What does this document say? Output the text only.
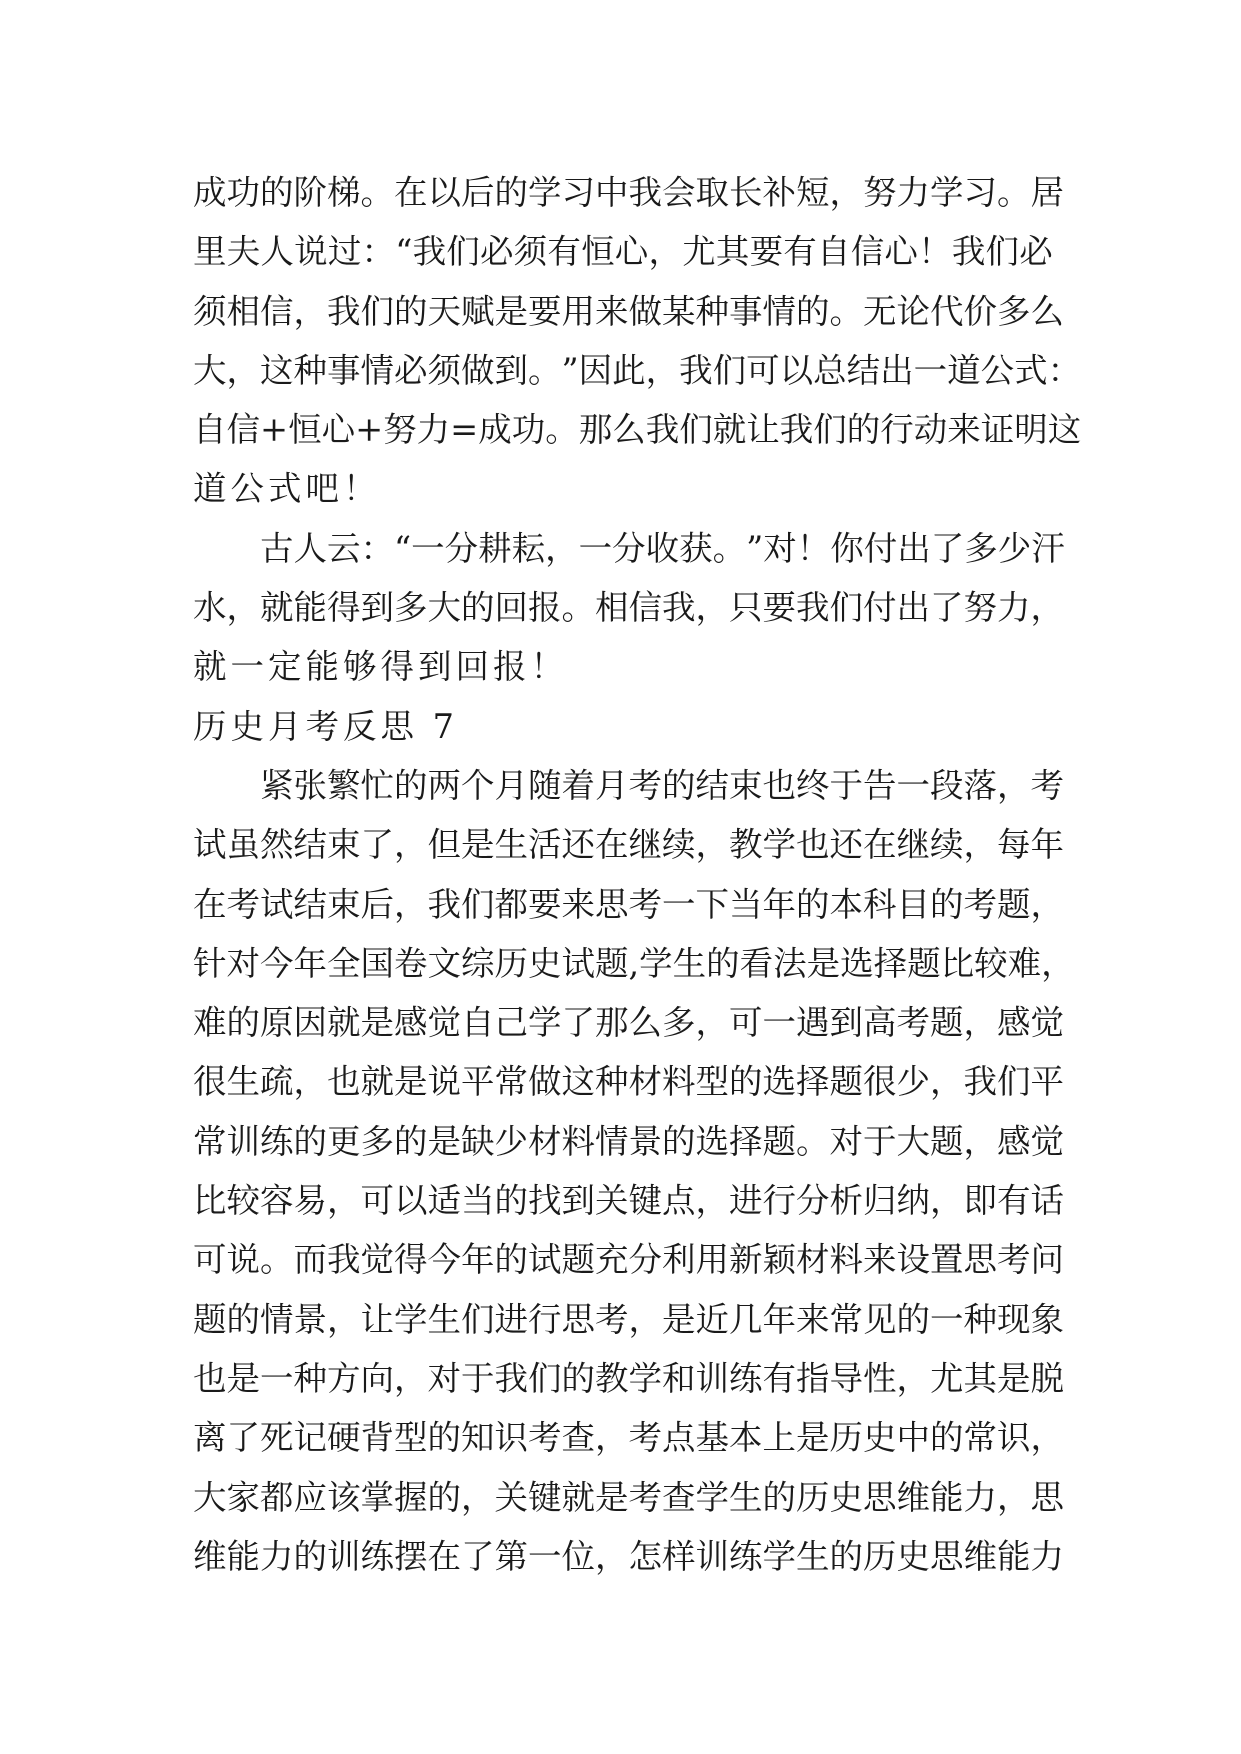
成 功 的 阶 梯 。 在 以 后 的 学 习 中 我 会 取 长 补 短 ， 努 力 学 习 。 居
里 夫 人 说 过 ： “ 我 们 必 须 有 恒 心 ， 尤 其 要 有 自 信 心 ！ 我 们 必
须 相 信 ， 我 们 的 天 赋 是 要 用 来 做 某 种 事 情 的 。 无 论 代 价 多 么
大 ， 这 种 事 情 必 须 做 到 。 ” 因 此 ， 我 们 可 以 总 结 出 一 道 公 式 ：
自 信 + 恒 心 + 努 力 = 成 功 。 那 么 我 们 就 让 我 们 的 行 动 来 证 明 这
道 公 式 吧 ！
古 人 云 ： “ 一 分 耕 耘 ， 一 分 收 获 。 ” 对 ！ 你 付 出 了 多 少 汗
水 ， 就 能 得 到 多 大 的 回 报 。 相 信 我 ， 只 要 我 们 付 出 了 努 力 ，
就 一 定 能 够 得 到 回 报 ！
历 史 月 考 反 思
7
紧 张 繁 忙 的 两 个 月 随 着 月 考 的 结 束 也 终 于 告 一 段 落 ， 考
试 虽 然 结 束 了 ， 但 是 生 活 还 在 继 续 ， 教 学 也 还 在 继 续 ， 每 年
在 考 试 结 束 后 ， 我 们 都 要 来 思 考 一 下 当 年 的 本 科 目 的 考 题 ，
针 对 今 年 全 国 卷 文 综 历 史 试 题 , 学 生 的 看 法 是 选 择 题 比 较 难 ，
难 的 原 因 就 是 感 觉 自 己 学 了 那 么 多 ， 可 一 遇 到 高 考 题 ， 感 觉
很 生 疏 ， 也 就 是 说 平 常 做 这 种 材 料 型 的 选 择 题 很 少 ， 我 们 平
常 训 练 的 更 多 的 是 缺 少 材 料 情 景 的 选 择 题 。 对 于 大 题 ， 感 觉
比 较 容 易 ， 可 以 适 当 的 找 到 关 键 点 ， 进 行 分 析 归 纳 ， 即 有 话
可 说 。 而 我 觉 得 今 年 的 试 题 充 分 利 用 新 颖 材 料 来 设 置 思 考 问
题 的 情 景 ， 让 学 生 们 进 行 思 考 ， 是 近 几 年 来 常 见 的 一 种 现 象
也 是 一 种 方 向 ， 对 于 我 们 的 教 学 和 训 练 有 指 导 性 ， 尤 其 是 脱
离 了 死 记 硬 背 型 的 知 识 考 查 ， 考 点 基 本 上 是 历 史 中 的 常 识 ，
大 家 都 应 该 掌 握 的 ， 关 键 就 是 考 查 学 生 的 历 史 思 维 能 力 ， 思
维 能 力 的 训 练 摆 在 了 第 一 位 ， 怎 样 训 练 学 生 的 历 史 思 维 能 力
